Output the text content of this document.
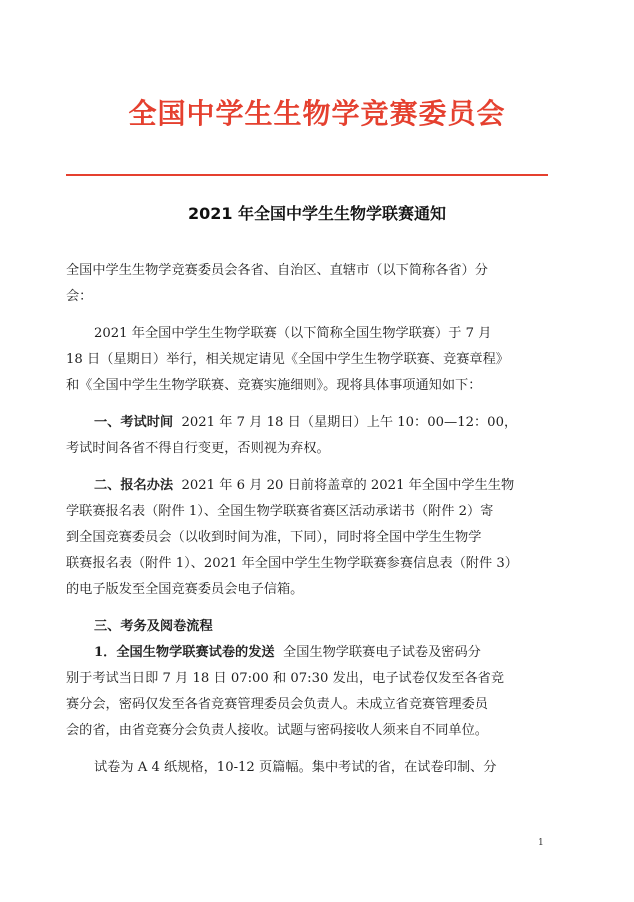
全国中学生生物学竞赛委员会
2021 年全国中学生生物学联赛通知
全国中学生生物学竞赛委员会各省、自治区、直辖市（以下简称各省）分
会：
2021 年全国中学生生物学联赛（以下简称全国生物学联赛）于 7 月
18 日（星期日）举行，相关规定请见《全国中学生生物学联赛、竞赛章程》
和《全国中学生生物学联赛、竞赛实施细则》。现将具体事项通知如下：
一、考试时间 2021 年 7 月 18 日（星期日）上午 10：00—12：00，
考试时间各省不得自行变更，否则视为弃权。
二、报名办法 2021 年 6 月 20 日前将盖章的 2021 年全国中学生生物
学联赛报名表（附件 1）、全国生物学联赛省赛区活动承诺书（附件 2）寄
到全国竞赛委员会（以收到时间为准，下同），同时将全国中学生生物学
联赛报名表（附件 1）、2021 年全国中学生生物学联赛参赛信息表（附件 3）
的电子版发至全国竞赛委员会电子信箱。
三、考务及阅卷流程
1．全国生物学联赛试卷的发送 全国生物学联赛电子试卷及密码分
别于考试当日即 7 月 18 日 07:00 和 07:30 发出，电子试卷仅发至各省竞
赛分会，密码仅发至各省竞赛管理委员会负责人。未成立省竞赛管理委员
会的省，由省竞赛分会负责人接收。试题与密码接收人须来自不同单位。
试卷为 A 4 纸规格，10-12 页篇幅。集中考试的省，在试卷印制、分
1
